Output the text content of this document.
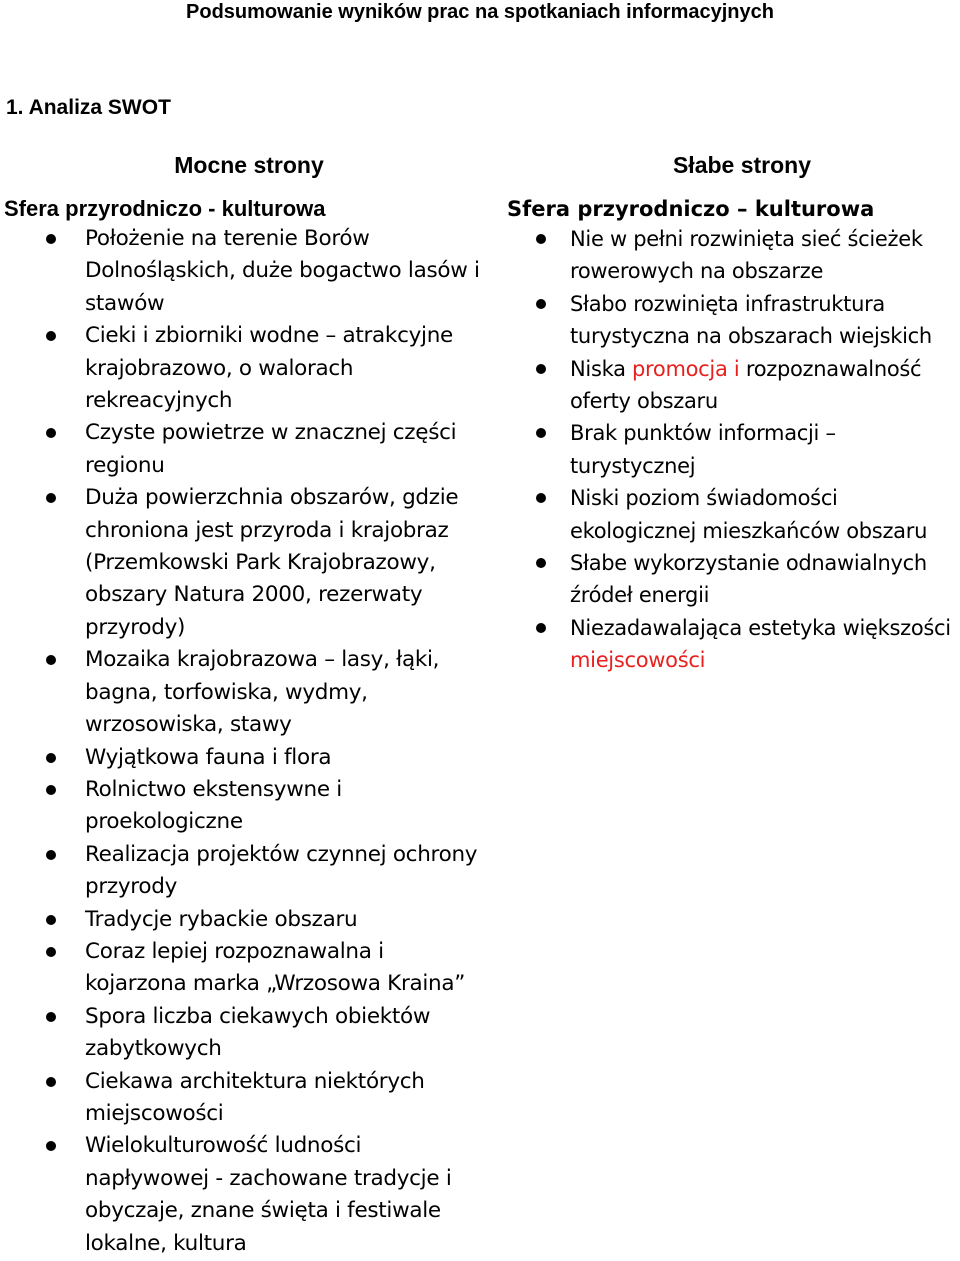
Podsumowanie wyników prac na spotkaniach informacyjnych
1. Analiza SWOT
Mocne strony
Sfera przyrodniczo - kulturowa
Położenie na terenie Borów Dolnośląskich, duże bogactwo lasów i stawów
Cieki i zbiorniki wodne – atrakcyjne krajobrazowo, o walorach rekreacyjnych
Czyste powietrze w znacznej części regionu
Duża powierzchnia obszarów, gdzie chroniona jest przyroda i krajobraz (Przemkowski Park Krajobrazowy, obszary Natura 2000, rezerwaty przyrody)
Mozaika krajobrazowa – lasy, łąki, bagna, torfowiska, wydmy, wrzosowiska, stawy
Wyjątkowa fauna i flora
Rolnictwo ekstensywne i proekologiczne
Realizacja projektów czynnej ochrony przyrody
Tradycje rybackie obszaru
Coraz lepiej rozpoznawalna i kojarzona marka „Wrzosowa Kraina”
Spora liczba ciekawych obiektów zabytkowych
Ciekawa architektura niektórych miejscowości
Wielokulturowość ludności napływowej - zachowane tradycje i obyczaje, znane święta i festiwale lokalne, kultura
Słabe strony
Sfera przyrodniczo – kulturowa
Nie w pełni rozwinięta sieć ścieżek rowerowych na obszarze
Słabo rozwinięta infrastruktura turystyczna na obszarach wiejskich
Niska promocja i rozpoznawalność oferty obszaru
Brak punktów informacji – turystycznej
Niski poziom świadomości ekologicznej mieszkańców obszaru
Słabe wykorzystanie odnawialnych źródeł energii
Niezadawalająca estetyka większości miejscowości
